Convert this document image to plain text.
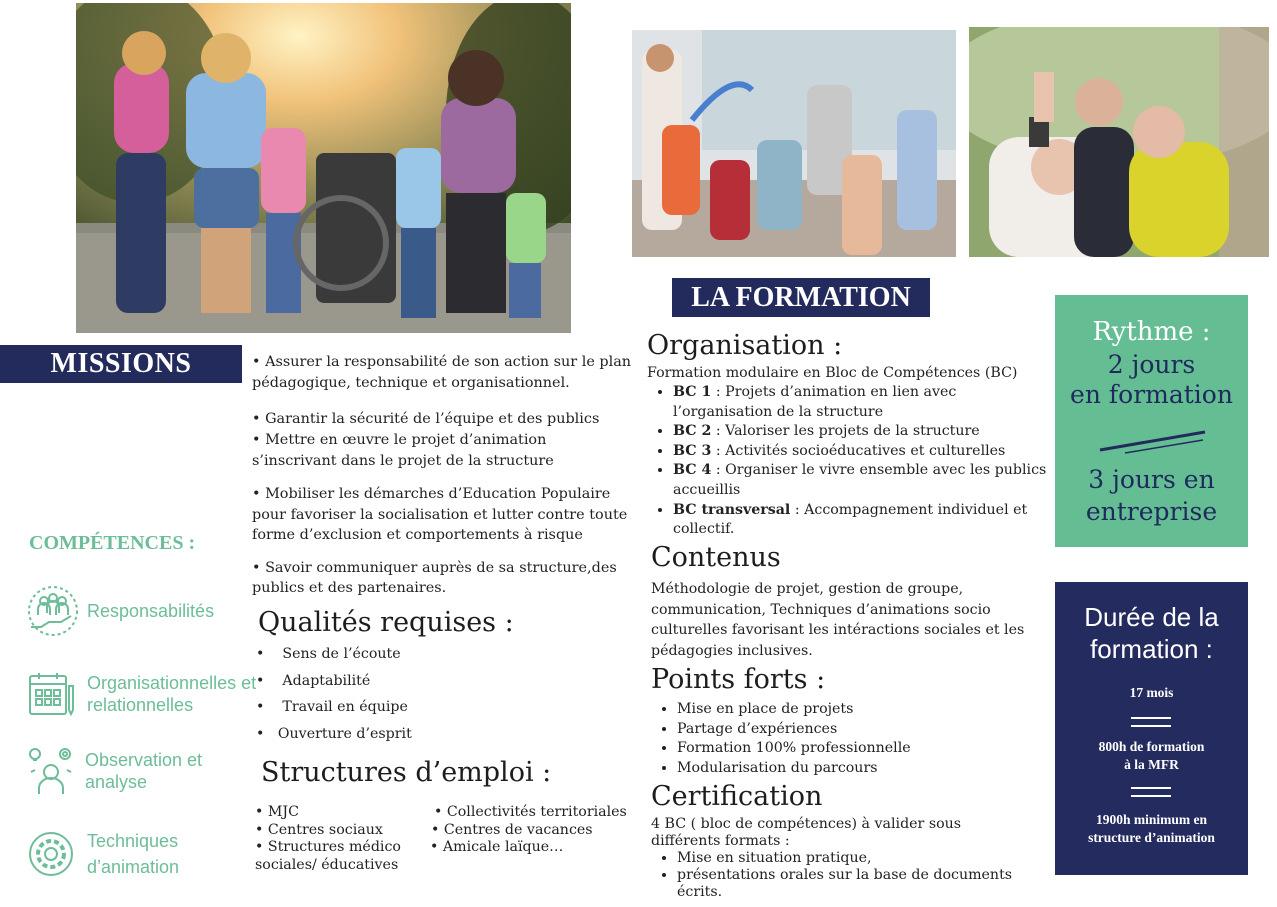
MISSIONS	• Assurer la responsabilité de son action sur le plan pédagogique, technique et organisationnel.
• Garantir la sécurité de l’équipe et des publics
• Mettre en œuvre le projet d’animation s’inscrivant dans le projet de la structure
• Mobiliser les démarches d’Education Populaire pour favoriser la socialisation et lutter contre toute forme d’exclusion et comportements à risque
• Savoir communiquer auprès de sa structure,des publics et des partenaires.
COMPÉTENCES :
Responsabilités
Organisationnelles et relationnelles
Observation et analyse
Techniques d’animation
Qualités requises :
•    Sens de l’écoute
•    Adaptabilité
•    Travail en équipe
•   Ouverture d’esprit
Structures d’emploi :
• MJC
• Centres sociaux
• Structures médico sociales/ éducatives
• Collectivités territoriales
• Centres de vacances
• Amicale laïque…
LA FORMATION
Organisation :
Formation modulaire en Bloc de Compétences (BC)
• BC 1 : Projets d’animation en lien avec l’organisation de la structure
• BC 2 : Valoriser les projets de la structure
• BC 3 : Activités socioéducatives et culturelles
• BC 4 : Organiser le vivre ensemble avec les publics accueillis
• BC transversal : Accompagnement individuel et collectif.
Contenus
Méthodologie de projet, gestion de groupe, communication, Techniques d’animations socio culturelles favorisant les intéractions sociales et les pédagogies inclusives.
Points forts :
• Mise en place de projets
• Partage d’expériences
• Formation 100% professionnelle
• Modularisation du parcours
Certification
4 BC ( bloc de compétences) à valider sous différents formats :
• Mise en situation pratique,
• présentations orales sur la base de documents écrits.
Rythme :
2 jours
en formation
3 jours en
entreprise
Durée de la
formation :
17 mois
800h de formation
à la MFR
1900h minimum en
structure d’animation
